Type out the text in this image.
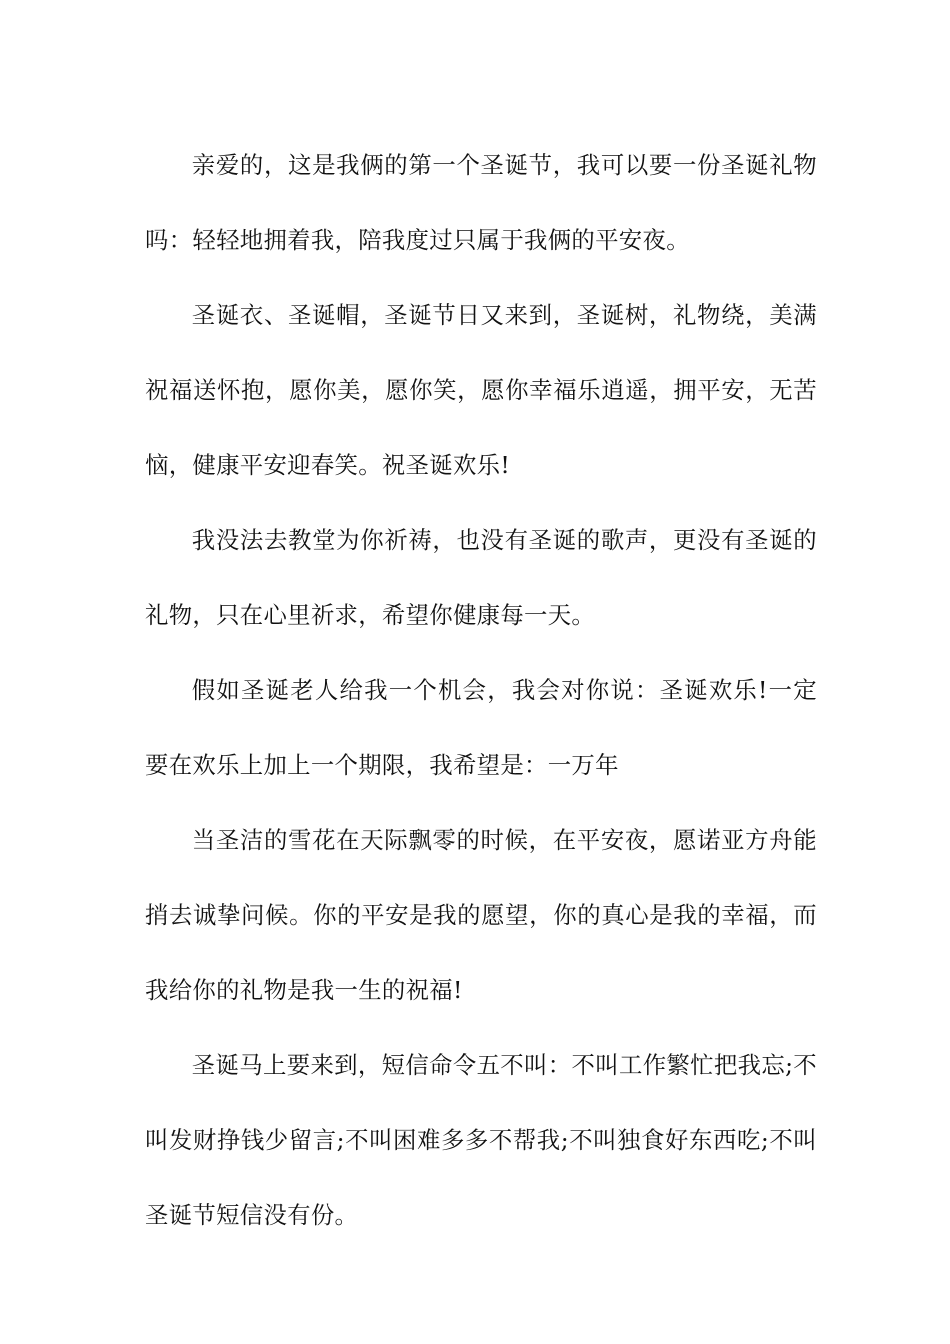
亲爱的，这是我俩的第一个圣诞节，我可以要一份圣诞礼物吗：轻轻地拥着我，陪我度过只属于我俩的平安夜。

圣诞衣、圣诞帽，圣诞节日又来到，圣诞树，礼物绕，美满祝福送怀抱，愿你美，愿你笑，愿你幸福乐逍遥，拥平安，无苦恼，健康平安迎春笑。祝圣诞欢乐!

我没法去教堂为你祈祷，也没有圣诞的歌声，更没有圣诞的礼物，只在心里祈求，希望你健康每一天。

假如圣诞老人给我一个机会，我会对你说：圣诞欢乐!一定要在欢乐上加上一个期限，我希望是：一万年

当圣洁的雪花在天际飘零的时候，在平安夜，愿诺亚方舟能捎去诚挚问候。你的平安是我的愿望，你的真心是我的幸福，而我给你的礼物是我一生的祝福!

圣诞马上要来到，短信命令五不叫：不叫工作繁忙把我忘;不叫发财挣钱少留言;不叫困难多多不帮我;不叫独食好东西吃;不叫圣诞节短信没有份。
